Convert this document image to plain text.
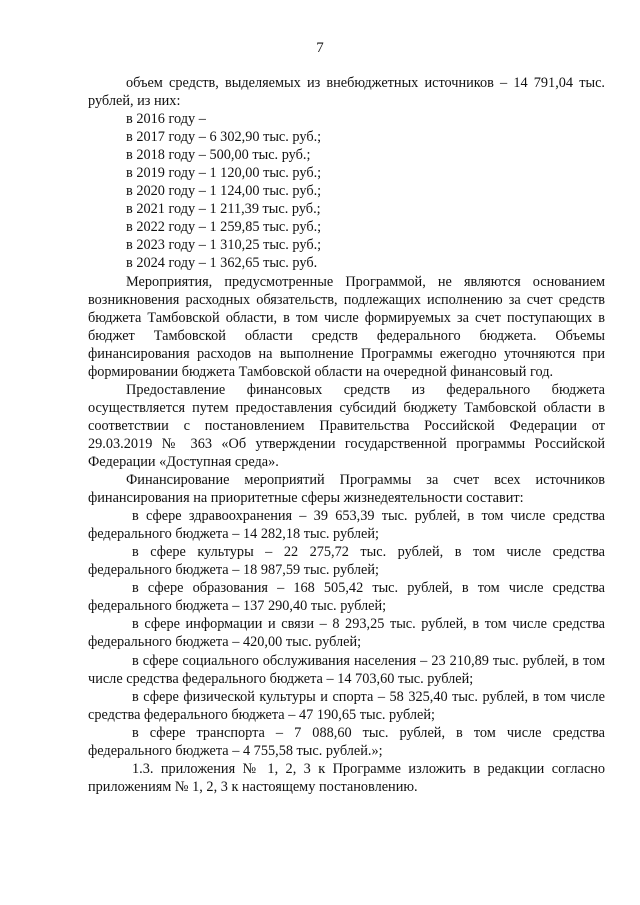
7

объем средств, выделяемых из внебюджетных источников – 14 791,04 тыс. рублей, из них:

в 2016 году –

в 2017 году – 6 302,90 тыс. руб.;

в 2018 году – 500,00 тыс. руб.;

в 2019 году – 1 120,00 тыс. руб.;

в 2020 году – 1 124,00 тыс. руб.;

в 2021 году – 1 211,39 тыс. руб.;

в 2022 году – 1 259,85 тыс. руб.;

в 2023 году – 1 310,25 тыс. руб.;

в 2024 году – 1 362,65 тыс. руб.

Мероприятия, предусмотренные Программой, не являются основанием возникновения расходных обязательств, подлежащих исполнению за счет средств бюджета Тамбовской области, в том числе формируемых за счет поступающих в бюджет Тамбовской области средств федерального бюджета. Объемы финансирования расходов на выполнение Программы ежегодно уточняются при формировании бюджета Тамбовской области на очередной финансовый год.

Предоставление финансовых средств из федерального бюджета осуществляется путем предоставления субсидий бюджету Тамбовской области в соответствии с постановлением Правительства Российской Федерации от 29.03.2019 № 363 «Об утверждении государственной программы Российской Федерации «Доступная среда».

Финансирование мероприятий Программы за счет всех источников финансирования на приоритетные сферы жизнедеятельности составит:

в сфере здравоохранения – 39 653,39 тыс. рублей, в том числе средства федерального бюджета – 14 282,18 тыс. рублей;

в сфере культуры – 22 275,72 тыс. рублей, в том числе средства федерального бюджета – 18 987,59 тыс. рублей;

в сфере образования – 168 505,42 тыс. рублей, в том числе средства федерального бюджета – 137 290,40 тыс. рублей;

в сфере информации и связи – 8 293,25 тыс. рублей, в том числе средства федерального бюджета – 420,00 тыс. рублей;

в сфере социального обслуживания населения – 23 210,89 тыс. рублей, в том числе средства федерального бюджета – 14 703,60 тыс. рублей;

в сфере физической культуры и спорта – 58 325,40 тыс. рублей, в том числе средства федерального бюджета – 47 190,65 тыс. рублей;

в сфере транспорта – 7 088,60 тыс. рублей, в том числе средства федерального бюджета – 4 755,58 тыс. рублей.»;

1.3. приложения № 1, 2, 3 к Программе изложить в редакции согласно приложениям № 1, 2, 3 к настоящему постановлению.
